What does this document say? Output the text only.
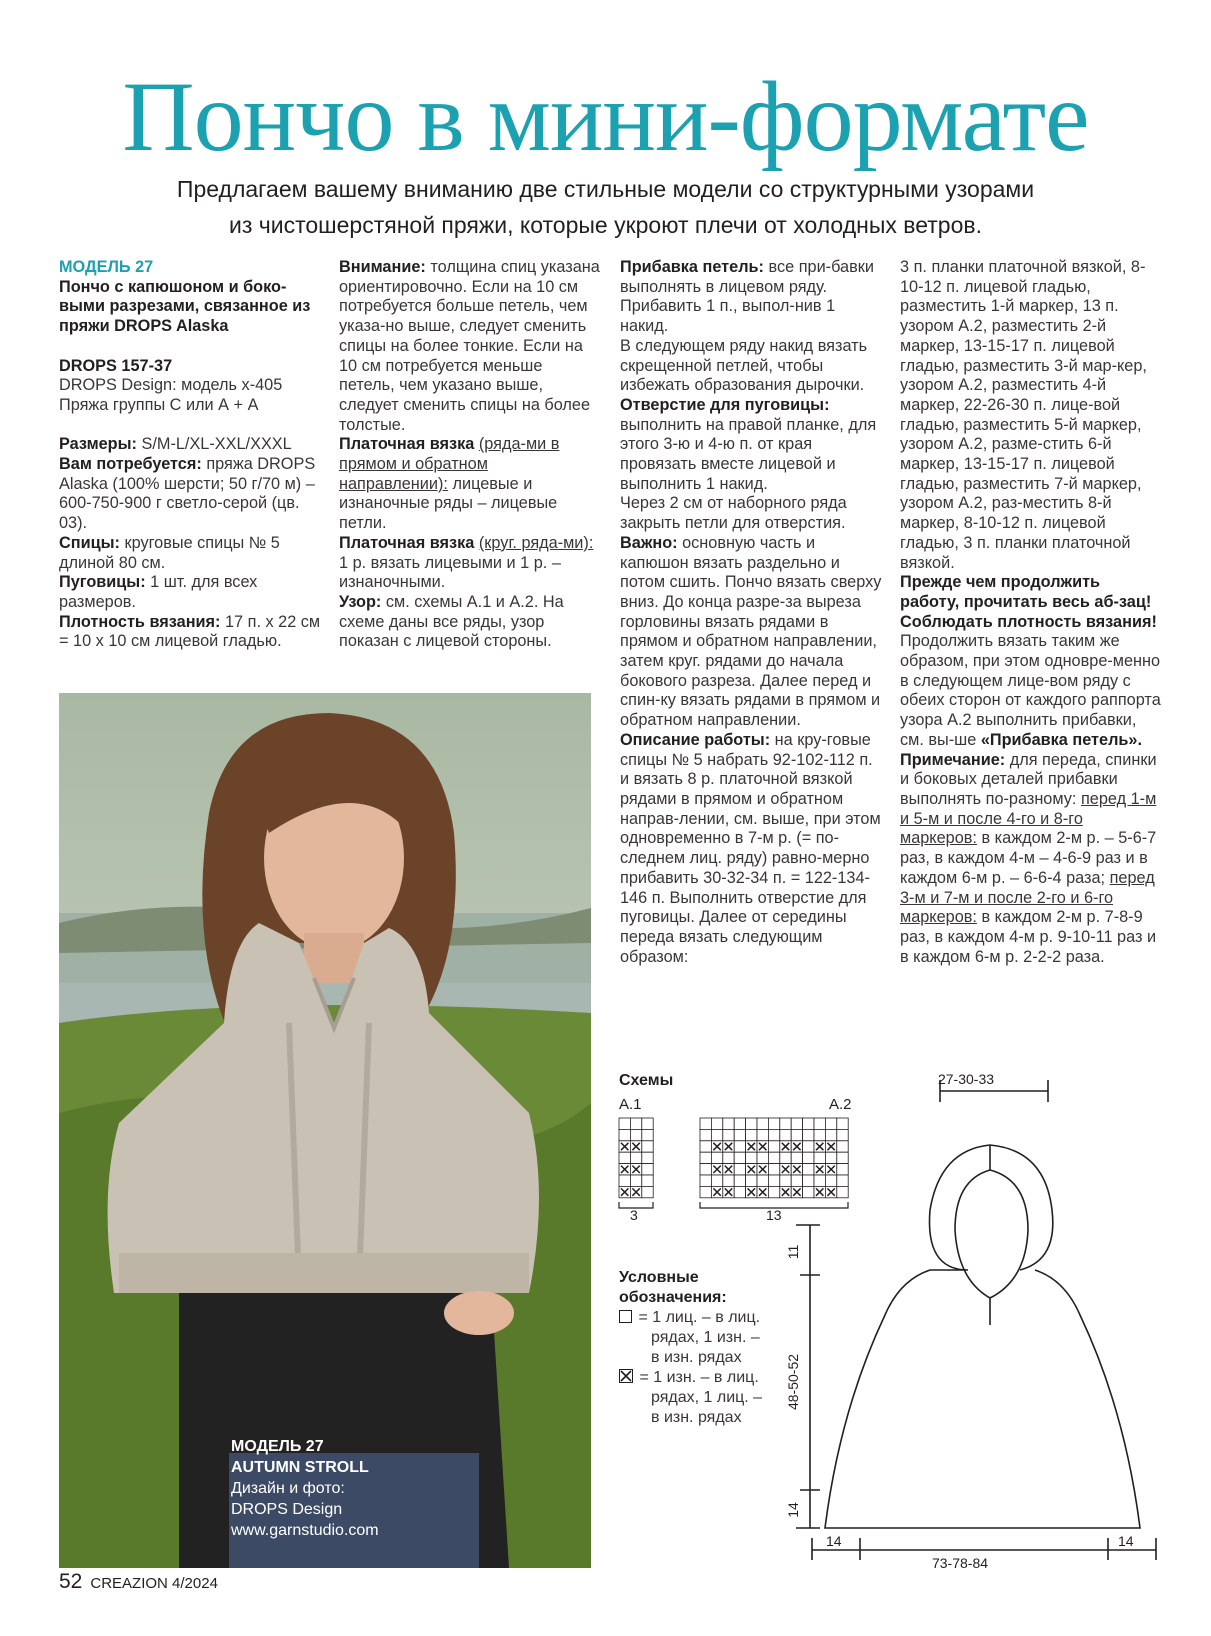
Пончо в мини-формате
Предлагаем вашему вниманию две стильные модели со структурными узорами
из чистошерстяной пряжи, которые укроют плечи от холодных ветров.

МОДЕЛЬ 27

Пончо с капюшоном и боко-выми разрезами, связанное из пряжи DROPS Alaska

DROPS 157-37

DROPS Design: модель x-405

Пряжа группы С или А + А

Размеры: S/M-L/XL-XXL/XXXL

Вам потребуется: пряжа DROPS Alaska (100% шерсти; 50 г/70 м) – 600-750-900 г светло-серой (цв. 03).

Спицы: круговые спицы № 5 длиной 80 см.

Пуговицы: 1 шт. для всех размеров.

Плотность вязания: 17 п. х 22 см = 10 х 10 см лицевой гладью.

Внимание: толщина спиц указана ориентировочно. Если на 10 см потребуется больше петель, чем указа-но выше, следует сменить спицы на более тонкие. Если на 10 см потребуется меньше петель, чем указано выше, следует сменить спицы на более толстые.

Платочная вязка (ряда-ми в прямом и обратном направлении): лицевые и изнаночные ряды – лицевые петли.

Платочная вязка (круг. ряда-ми): 1 р. вязать лицевыми и 1 р. – изнаночными.

Узор: см. схемы А.1 и А.2. На схеме даны все ряды, узор показан с лицевой стороны.

Прибавка петель: все при-бавки выполнять в лицевом ряду. Прибавить 1 п., выпол-нив 1 накид.

В следующем ряду накид вязать скрещенной петлей, чтобы избежать образования дырочки.

Отверстие для пуговицы: выполнить на правой планке, для этого 3-ю и 4-ю п. от края провязать вместе лицевой и выполнить 1 накид.

Через 2 см от наборного ряда закрыть петли для отверстия.

Важно: основную часть и капюшон вязать раздельно и потом сшить. Пончо вязать сверху вниз. До конца разре-за выреза горловины вязать рядами в прямом и обратном направлении, затем круг. рядами до начала бокового разреза. Далее перед и спин-ку вязать рядами в прямом и обратном направлении.

Описание работы: на кру-говые спицы № 5 набрать 92-102-112 п. и вязать 8 р. платочной вязкой рядами в прямом и обратном направ-лении, см. выше, при этом одновременно в 7-м р. (= по-следнем лиц. ряду) равно-мерно прибавить 30-32-34 п. = 122-134-146 п. Выполнить отверстие для пуговицы. Далее от середины переда вязать следующим образом:

3 п. планки платочной вязкой, 8-10-12 п. лицевой гладью, разместить 1-й маркер, 13 п. узором А.2, разместить 2-й маркер, 13-15-17 п. лицевой гладью, разместить 3-й мар-кер, узором А.2, разместить 4-й маркер, 22-26-30 п. лице-вой гладью, разместить 5-й маркер, узором А.2, разме-стить 6-й маркер, 13-15-17 п. лицевой гладью, разместить 7-й маркер, узором А.2, раз-местить 8-й маркер, 8-10-12 п. лицевой гладью, 3 п. планки платочной вязкой.

Прежде чем продолжить работу, прочитать весь аб-зац! Соблюдать плотность вязания!

Продолжить вязать таким же образом, при этом одновре-менно в следующем лице-вом ряду с обеих сторон от каждого раппорта узора А.2 выполнить прибавки, см. вы-ше «Прибавка петель».

Примечание: для переда, спинки и боковых деталей прибавки выполнять по-разному: перед 1-м и 5-м и после 4-го и 8-го маркеров: в каждом 2-м р. – 5-6-7 раз, в каждом 4-м – 4-6-9 раз и в каждом 6-м р. – 6-6-4 раза; перед 3-м и 7-м и после 2-го и 6-го маркеров: в каждом 2-м р. 7-8-9 раз, в каждом 4-м р. 9-10-11 раз и в каждом 6-м р. 2-2-2 раза.

МОДЕЛЬ 27
AUTUMN STROLL
Дизайн и фото:
DROPS Design
www.garnstudio.com
Схемы
А.1	А.2
3	13
Условные
обозначения:
= 1 лиц. – в лиц.
рядах, 1 изн. –
в изн. рядах
= 1 изн. – в лиц.
рядах, 1 лиц. –
в изн. рядах
27-30-33
11
48-50-52
14
14	14
73-78-84
52 CREAZION 4/2024
